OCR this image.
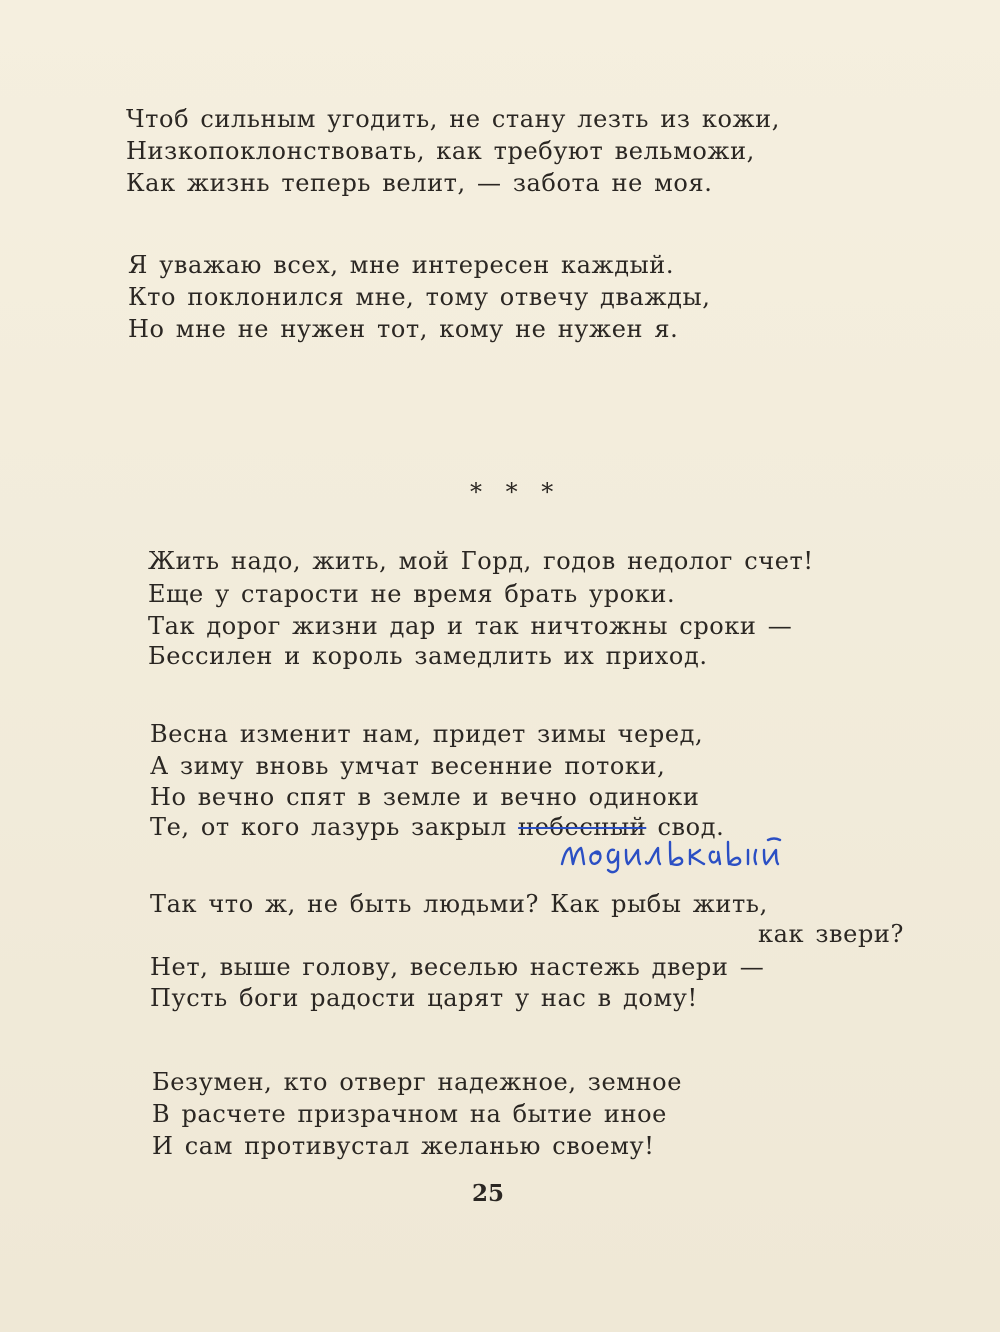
Чтоб сильным угодить, не стану лезть из кожи,
Низкопоклонствовать, как требуют вельможи,
Как жизнь теперь велит, — забота не моя.
Я уважаю всех, мне интересен каждый.
Кто поклонился мне, тому отвечу дважды,
Но мне не нужен тот, кому не нужен я.
* * *
Жить надо, жить, мой Горд, годов недолог счет!
Еще у старости не время брать уроки.
Так дорог жизни дар и так ничтожны сроки —
Бессилен и король замедлить их приход.
Весна изменит нам, придет зимы черед,
А зиму вновь умчат весенние потоки,
Но вечно спят в земле и вечно одиноки
Те, от кого лазурь закрыл небесный свод.
Так что ж, не быть людьми? Как рыбы жить,
как звери?
Нет, выше голову, веселью настежь двери —
Пусть боги радости царят у нас в дому!
Безумен, кто отверг надежное, земное
В расчете призрачном на бытие иное
И сам противустал желанью своему!
25
